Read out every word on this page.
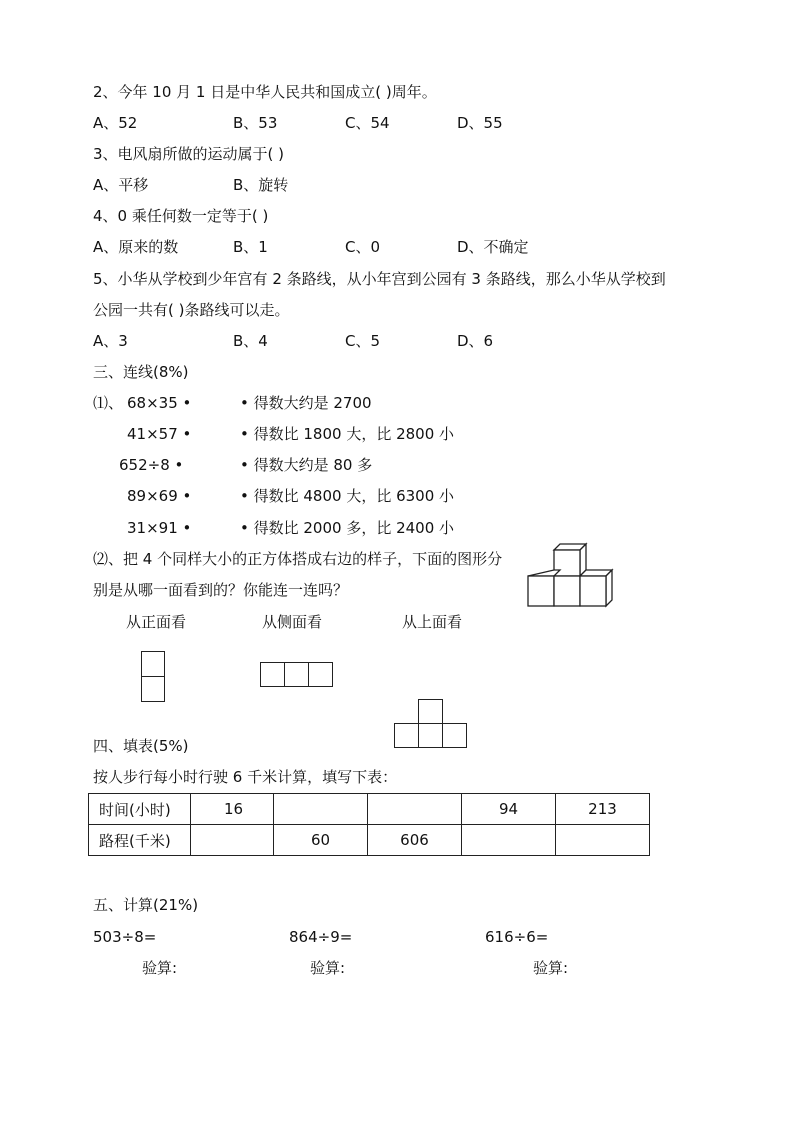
2、今年 10 月 1 日是中华人民共和国成立( )周年。
A、52	B、53	C、54	D、55
3、电风扇所做的运动属于( )
A、平移	B、旋转
4、0 乘任何数一定等于( )
A、原来的数	B、1	C、0	D、不确定
5、小华从学校到少年宫有 2 条路线，从小年宫到公园有 3 条路线，那么小华从学校到
公园一共有( )条路线可以走。
A、3	B、4	C、5	D、6
三、连线(8%)
⑴、 68×35 •
41×57 •
652÷8 •
89×69 •
31×91 •
• 得数大约是 2700
• 得数比 1800 大，比 2800 小
• 得数大约是 80 多
• 得数比 4800 大，比 6300 小
• 得数比 2000 多，比 2400 小
⑵、把 4 个同样大小的正方体搭成右边的样子，下面的图形分
别是从哪一面看到的？你能连一连吗？
从正面看	从侧面看	从上面看
四、填表(5%)
按人步行每小时行驶 6 千米计算，填写下表：
时间(小时)	16			94	213
路程(千米)		60	606		
五、计算(21%)
503÷8=	864÷9=	616÷6=
验算:	验算:	验算:
